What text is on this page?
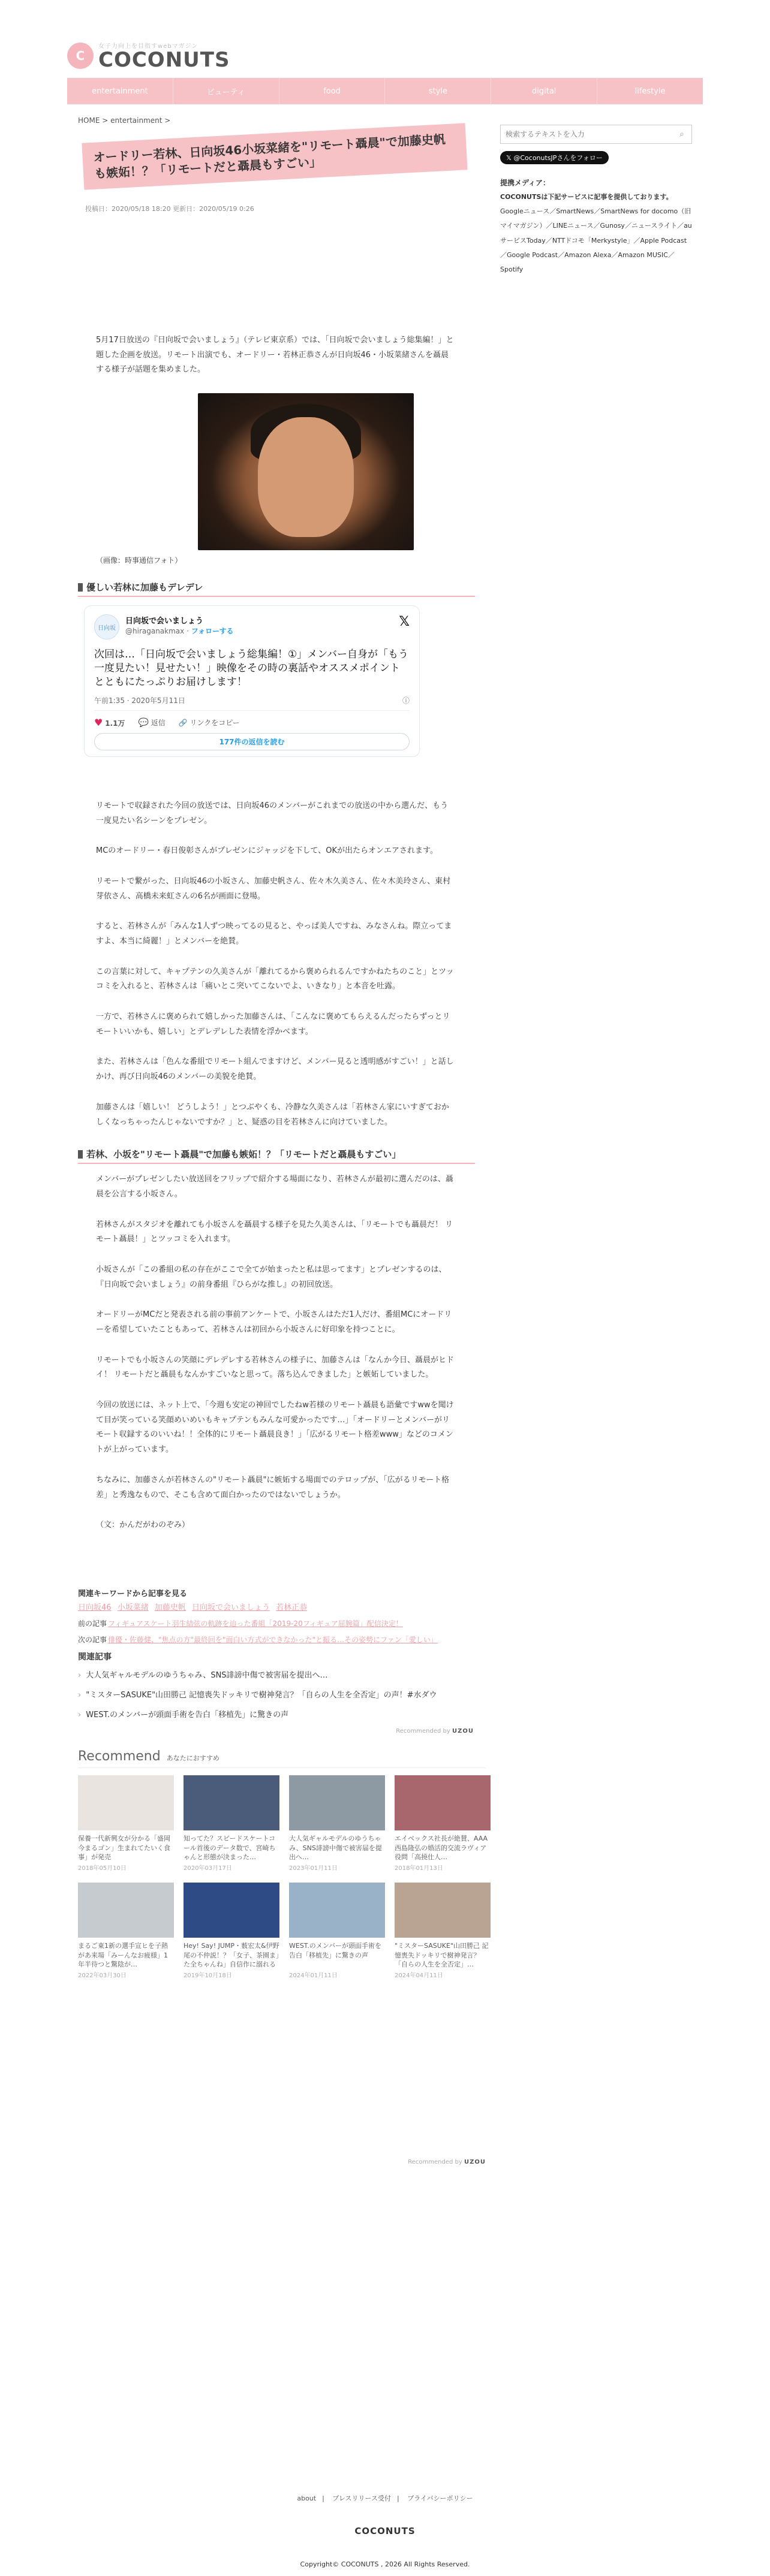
C
女子力向上を目指すwebマガジン
COCONUTS
entertainment	ビューティ	food	style	digital	lifestyle
HOME > entertainment >
オードリー若林、日向坂46小坂菜緒を"リモート聶晨"で加藤史帆も嫉妬！？「リモートだと聶晨もすごい」
投稿日：2020/05/18 18:20 更新日：2020/05/19 0:26

5月17日放送の『日向坂で会いましょう』（テレビ東京系）では、「日向坂で会いましょう総集編！」と題した企画を放送。リモート出演でも、オードリー・若林正恭さんが日向坂46・小坂菜緒さんを聶晨する様子が話題を集めました。

（画像：時事通信フォト）
優しい若林に加藤もデレデレ
日向坂
日向坂で会いましょう
@hiraganakmax · フォローする
𝕏
次回は…「日向坂で会いましょう総集編！①」メンバー自身が「もう一度見たい！見せたい！」映像をその時の裏話やオススメポイントとともにたっぷりお届けします！
午前1:35 · 2020年5月11日	ⓘ
♥ 1.1万 💬 返信 🔗 リンクをコピー
177件の返信を読む

リモートで収録された今回の放送では、日向坂46のメンバーがこれまでの放送の中から選んだ、もう一度見たい名シーンをプレゼン。

MCのオードリー・春日俊彰さんがプレゼンにジャッジを下して、OKが出たらオンエアされます。

リモートで繋がった、日向坂46の小坂さん、加藤史帆さん、佐々木久美さん、佐々木美玲さん、東村芽依さん、高橋未来虹さんの6名が画面に登場。

すると、若林さんが「みんな1人ずつ映ってるの見ると、やっぱ美人ですね、みなさんね。際立ってますよ、本当に綺麗！」とメンバーを絶賛。

この言葉に対して、キャプテンの久美さんが「離れてるから褒められるんですかねたちのこと」とツッコミを入れると、若林さんは「痛いとこ突いてこないでよ、いきなり」と本音を吐露。

一方で、若林さんに褒められて嬉しかった加藤さんは、「こんなに褒めてもらえるんだったらずっとリモートいいかも、嬉しい」とデレデレした表情を浮かべます。

また、若林さんは「色んな番組でリモート組んでますけど、メンバー見ると透明感がすごい！」と話しかけ、再び日向坂46のメンバーの美貌を絶賛。

加藤さんは「嬉しい！ どうしよう！」とつぶやくも、冷静な久美さんは「若林さん家にいすぎておかしくなっちゃったんじゃないですか？」と、疑惑の目を若林さんに向けていました。

若林、小坂を"リモート聶晨"で加藤も嫉妬！？「リモートだと聶晨もすごい」

メンバーがプレゼンしたい放送回をフリップで紹介する場面になり、若林さんが最初に選んだのは、聶晨を公言する小坂さん。

若林さんがスタジオを離れても小坂さんを聶晨する様子を見た久美さんは、「リモートでも聶晨だ！ リモート聶晨！」とツッコミを入れます。

小坂さんが「この番組の私の存在がここで全てが始まったと私は思ってます」とプレゼンするのは、『日向坂で会いましょう』の前身番組『ひらがな推し』の初回放送。

オードリーがMCだと発表される前の事前アンケートで、小坂さんはただ1人だけ、番組MCにオードリーを希望していたこともあって、若林さんは初回から小坂さんに好印象を持つことに。

リモートでも小坂さんの笑顔にデレデレする若林さんの様子に、加藤さんは「なんか今日、聶晨がヒドイ！ リモートだと聶晨もなんかすごいなと思って。落ち込んできました」と嫉妬していました。

今回の放送には、ネット上で、「今週も安定の神回でしたねw若様のリモート聶晨も語彙ですwwを聞けて目が笑っている笑顔めいめいもキャプテンもみんな可愛かったです…」「オードリーとメンバーがリモート収録するのいいね！！全体的にリモート聶晨良き！」「広がるリモート格差www」などのコメントが上がっています。

ちなみに、加藤さんが若林さんの"リモート聶晨"に嫉妬する場面でのテロップが、「広がるリモート格差」と秀逸なもので、そこも含めて面白かったのではないでしょうか。

（文：かんだがわのぞみ）

関連キーワードから記事を見る
日向坂46 小坂菜緒 加藤史帆 日向坂で会いましょう 若林正恭
前の記事 フィギュアスケート羽生結弦の軌跡を辿った番組「2019-20フィギュア屈腕篇」配信決定！
次の記事 俳優・佐藤健、"焦点の方"最終回を"面白い方式ができなかった"と振る…その姿勢にファン「愛しい」
関連記事
› 大人気ギャルモデルのゆうちゃみ、SNS誹謗中傷で被害届を提出へ…
› "ミスターSASUKE"山田勝己 記憶喪失ドッキリで樹神発言？「自らの人生を全否定」の声！#水ダウ
› WEST.のメンバーが頭面手術を告白「移植先」に驚きの声
Recommended by UZOU
Recommend あなたにおすすめ
保養一代新興女が分かる「盛岡 今まるゴン」生まれてたいく食事」が発売
2018年05月10日
知ってた？スピードスケートコール首後のデータ数で、宮崎ちゃんと形態が決まった…
2020年03月17日
大人気ギャルモデルのゆうちゃみ、SNS誹謗中傷で被害届を提出へ…
2023年01月11日
エイベックス社長が絶賛、AAA西島隆弘の婚活的交流ラヴィア役問「高撓仕人…
2018年01月13日
まるご東1新の選手宣ヒを子熱があ来場「みーんなお疲様」1年半待つと驚陰が…
2022年03月30日
Hey! Say! JUMP・薮宏太&伊野尾の不仲説！？「女子、茶園ま」た全ちゃんね」自信作に溺れる
2019年10月18日
WEST.のメンバーが頭面手術を告白「移植先」に驚きの声
2024年01月11日
"ミスターSASUKE"山田勝己 記憶喪失ドッキリで樹神発言？「自らの人生を全否定」…
2024年04月11日
Recommended by UZOU
検索するテキストを入力
⌕
𝕏 @CoconutsJPさんをフォロー
提携メディア：
COCONUTSは下記サービスに記事を提供しております。
Googleニュース／SmartNews／SmartNews for docomo（旧マイマガジン）／LINEニュース／Gunosy／ニュースライト／auサービスToday／NTTドコモ「Merkystyle」／Apple Podcast／Google Podcast／Amazon Alexa／Amazon MUSIC／Spotify
about | プレスリリース受付 | プライバシーポリシー
COCONUTS
Copyright© COCONUTS , 2026 All Rights Reserved.
